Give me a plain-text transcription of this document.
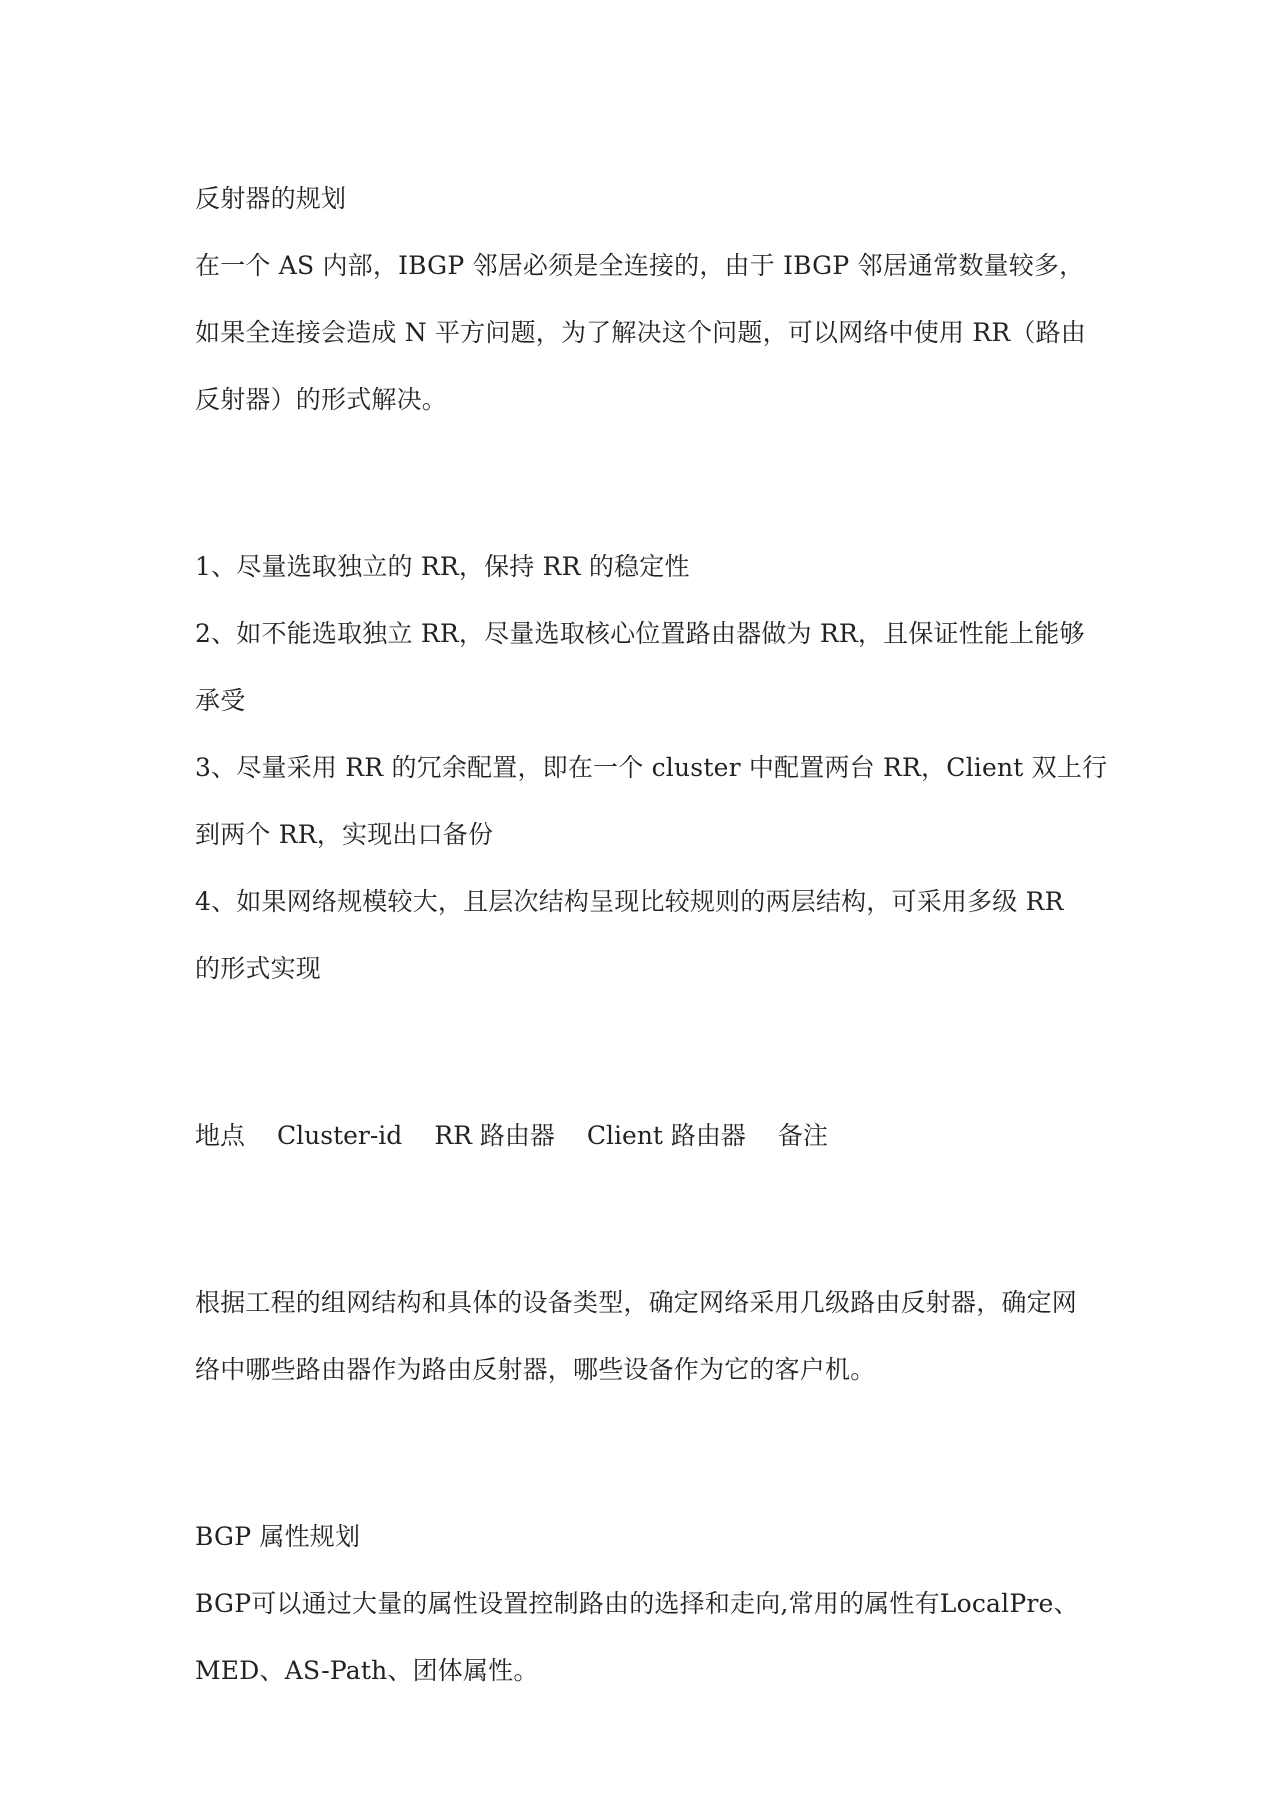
反射器的规划
在一个 AS 内部，IBGP 邻居必须是全连接的，由于 IBGP 邻居通常数量较多，
如果全连接会造成 N 平方问题，为了解决这个问题，可以网络中使用 RR（路由
反射器）的形式解决。
1、尽量选取独立的 RR，保持 RR 的稳定性
2、如不能选取独立 RR，尽量选取核心位置路由器做为 RR，且保证性能上能够
承受
3、尽量采用 RR 的冗余配置，即在一个 cluster 中配置两台 RR，Client 双上行
到两个 RR，实现出口备份
4、如果网络规模较大，且层次结构呈现比较规则的两层结构，可采用多级 RR
的形式实现
地点 Cluster-id RR 路由器 Client 路由器 备注
根据工程的组网结构和具体的设备类型，确定网络采用几级路由反射器，确定网
络中哪些路由器作为路由反射器，哪些设备作为它的客户机。
BGP 属性规划
BGP可以通过大量的属性设置控制路由的选择和走向,常用的属性有LocalPre、
MED、AS-Path、团体属性。
